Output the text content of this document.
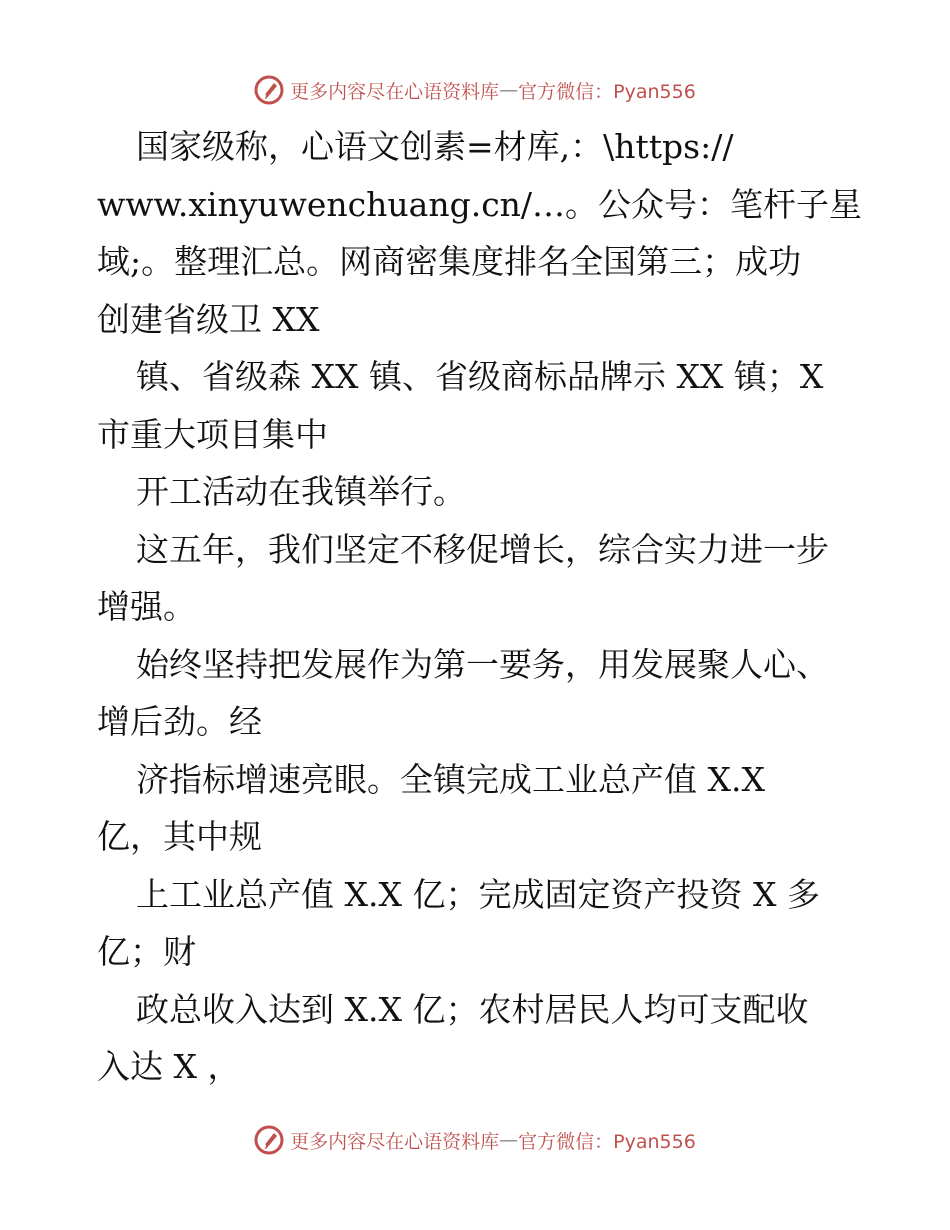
更多内容尽在心语资料库 — 官方微信：Pyan556
国家级称，心语文创素=材库,：\https://
www.xinyuwenchuang.cn/…。公众号：笔杆子星
域;。整理汇总。网商密集度排名全国第三；成功
创建省级卫 XX
镇、省级森 XX 镇、省级商标品牌示 XX 镇；X
市重大项目集中
开工活动在我镇举行。
这五年，我们坚定不移促增长，综合实力进一步
增强。
始终坚持把发展作为第一要务，用发展聚人心、
增后劲。经
济指标增速亮眼。全镇完成工业总产值 X.X
亿，其中规
上工业总产值 X.X 亿；完成固定资产投资 X 多
亿；财
政总收入达到 X.X 亿；农村居民人均可支配收
入达 X ，
更多内容尽在心语资料库 — 官方微信：Pyan556
